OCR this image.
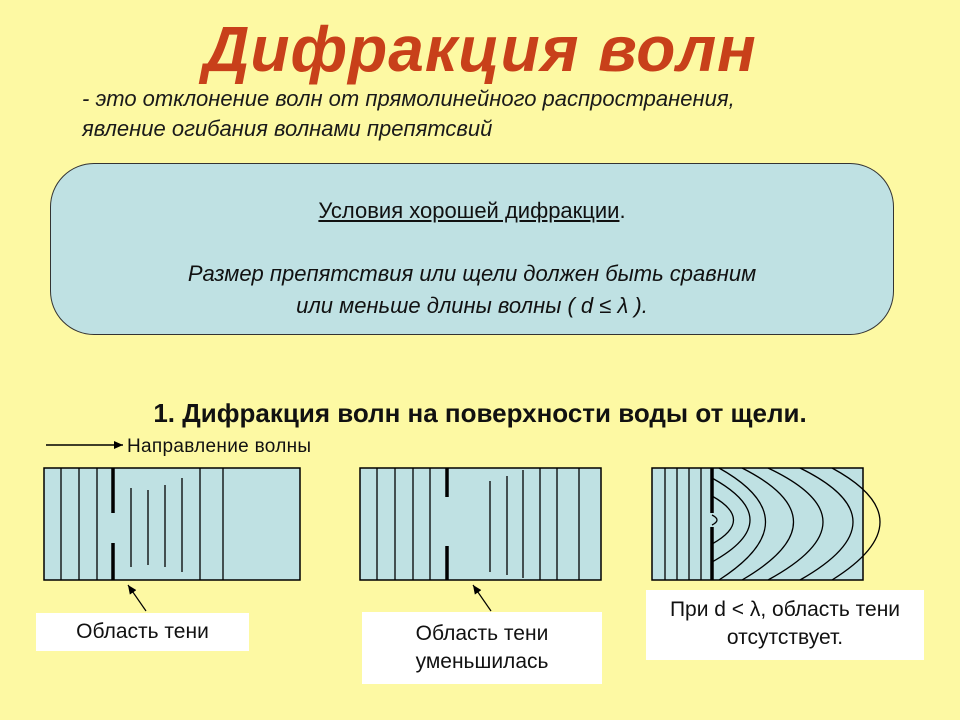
Дифракция волн
- это отклонение волн от прямолинейного распространения,
явление огибания волнами препятсвий
Условия хорошей дифракции.
Размер препятствия или щели должен быть сравним
или меньше длины волны ( d ≤ λ ).
1. Дифракция волн на поверхности воды от щели.
Направление волны
Область тени	Область тени
уменьшилась
При d < λ, область тени
отсутствует.
